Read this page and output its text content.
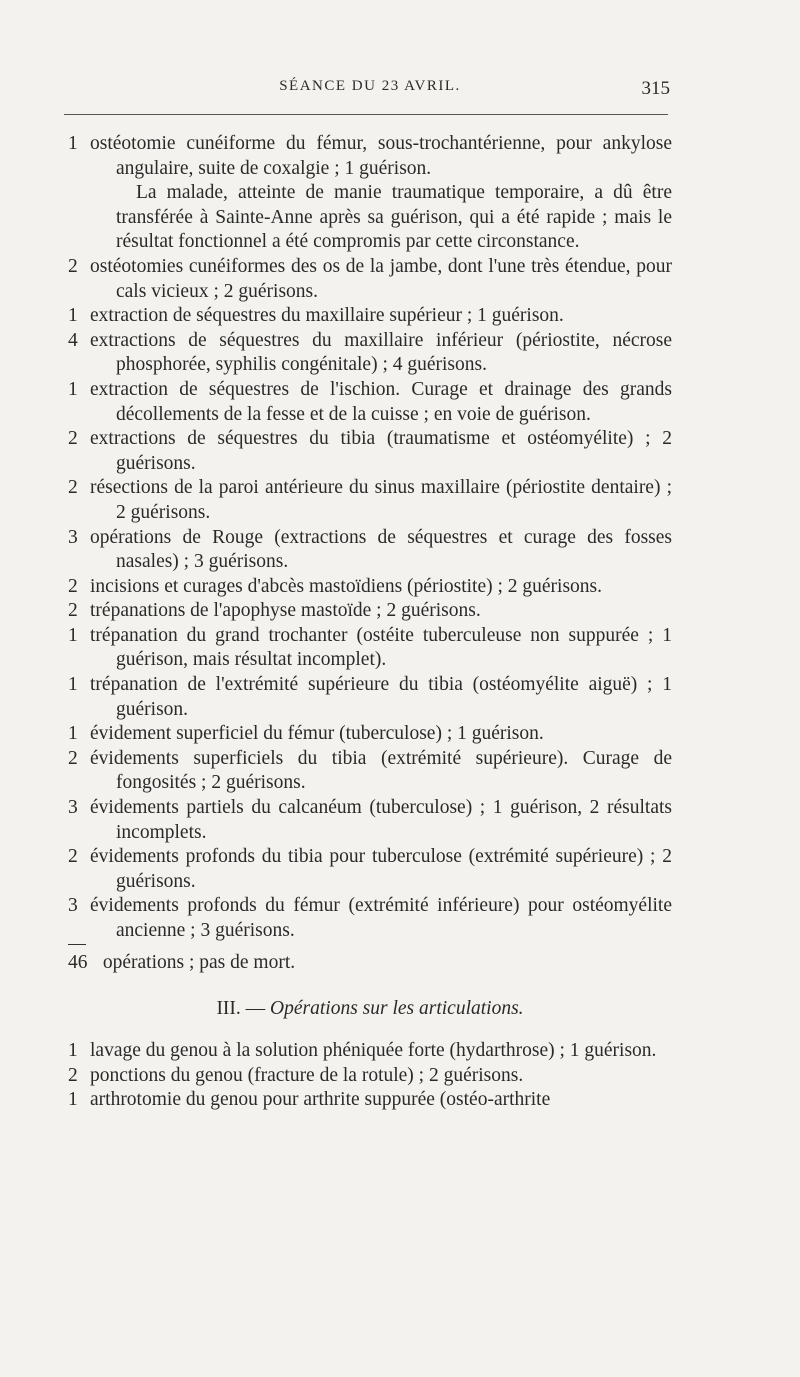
SÉANCE DU 23 AVRIL.	315
1 ostéotomie cunéiforme du fémur, sous-trochantérienne, pour ankylose angulaire, suite de coxalgie ; 1 guérison.
La malade, atteinte de manie traumatique temporaire, a dû être transférée à Sainte-Anne après sa guérison, qui a été rapide ; mais le résultat fonctionnel a été compromis par cette circonstance.
2 ostéotomies cunéiformes des os de la jambe, dont l'une très étendue, pour cals vicieux ; 2 guérisons.
1 extraction de séquestres du maxillaire supérieur ; 1 guérison.
4 extractions de séquestres du maxillaire inférieur (périostite, nécrose phosphorée, syphilis congénitale) ; 4 guérisons.
1 extraction de séquestres de l'ischion. Curage et drainage des grands décollements de la fesse et de la cuisse ; en voie de guérison.
2 extractions de séquestres du tibia (traumatisme et ostéomyélite) ; 2 guérisons.
2 résections de la paroi antérieure du sinus maxillaire (périostite dentaire) ; 2 guérisons.
3 opérations de Rouge (extractions de séquestres et curage des fosses nasales) ; 3 guérisons.
2 incisions et curages d'abcès mastoïdiens (périostite) ; 2 guérisons.
2 trépanations de l'apophyse mastoïde ; 2 guérisons.
1 trépanation du grand trochanter (ostéite tuberculeuse non suppurée ; 1 guérison, mais résultat incomplet).
1 trépanation de l'extrémité supérieure du tibia (ostéomyélite aiguë) ; 1 guérison.
1 évidement superficiel du fémur (tuberculose) ; 1 guérison.
2 évidements superficiels du tibia (extrémité supérieure). Curage de fongosités ; 2 guérisons.
3 évidements partiels du calcanéum (tuberculose) ; 1 guérison, 2 résultats incomplets.
2 évidements profonds du tibia pour tuberculose (extrémité supérieure) ; 2 guérisons.
3 évidements profonds du fémur (extrémité inférieure) pour ostéomyélite ancienne ; 3 guérisons.
46 opérations ; pas de mort.
III. — Opérations sur les articulations.
1 lavage du genou à la solution phéniquée forte (hydarthrose) ; 1 guérison.
2 ponctions du genou (fracture de la rotule) ; 2 guérisons.
1 arthrotomie du genou pour arthrite suppurée (ostéo-arthrite
